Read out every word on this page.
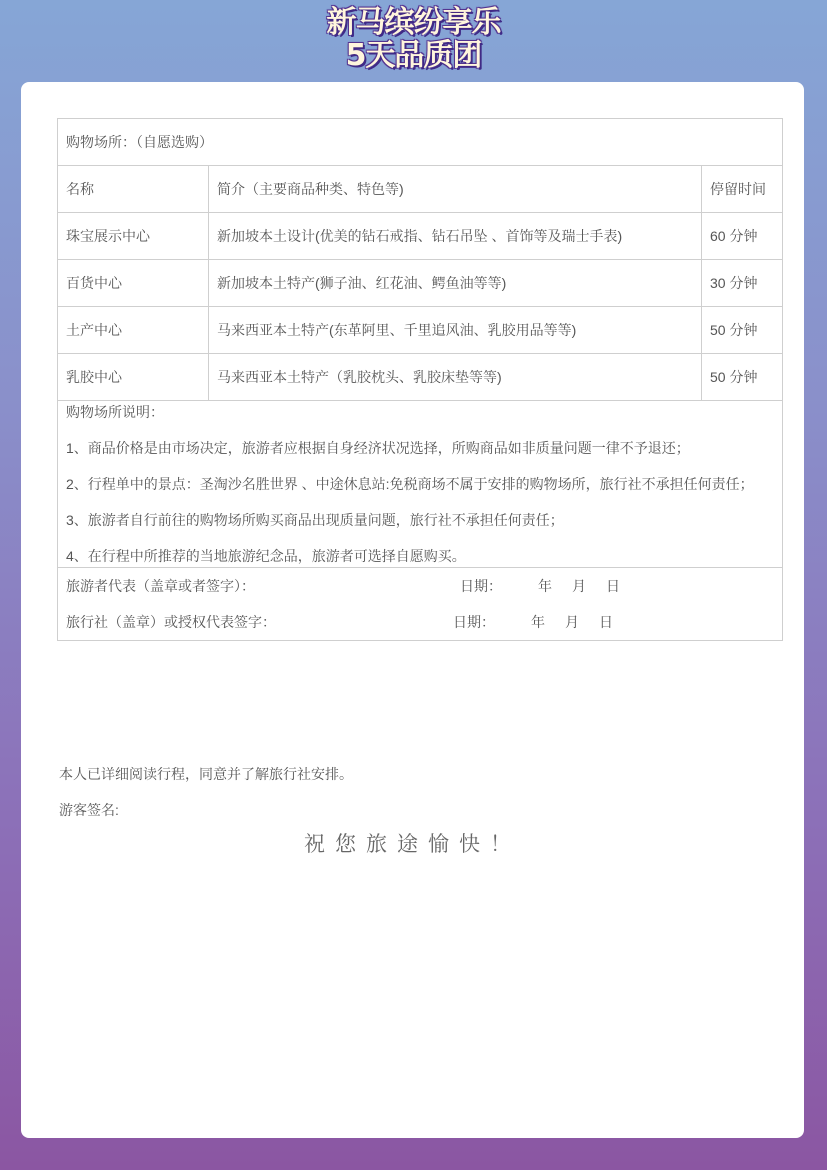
新马缤纷享乐
5天品质团
购物场所：（自愿选购）		
名称	简介（主要商品种类、特色等)	停留时间
珠宝展示中心	新加坡本土设计(优美的钻石戒指、钻石吊坠 、首饰等及瑞士手表)	60 分钟
百货中心	新加坡本土特产(狮子油、红花油、鳄鱼油等等)	30 分钟
土产中心	马来西亚本土特产(东革阿里、千里追风油、乳胶用品等等)	50 分钟
乳胶中心	马来西亚本土特产（乳胶枕头、乳胶床垫等等)	50 分钟

购物场所说明：

1、商品价格是由市场决定，旅游者应根据自身经济状况选择，所购商品如非质量问题一律不予退还；

2、行程单中的景点：圣淘沙名胜世界 、中途休息站:免税商场不属于安排的购物场所，旅行社不承担任何责任；

3、旅游者自行前往的购物场所购买商品出现质量问题，旅行社不承担任何责任；

4、在行程中所推荐的当地旅游纪念品，旅游者可选择自愿购买。		

旅游者代表（盖章或者签字）： 日期： 年 月 日
旅行社（盖章）或授权代表签字： 日期： 年 月 日		
本人已详细阅读行程，同意并了解旅行社安排。
游客签名:
祝您旅途愉快！
